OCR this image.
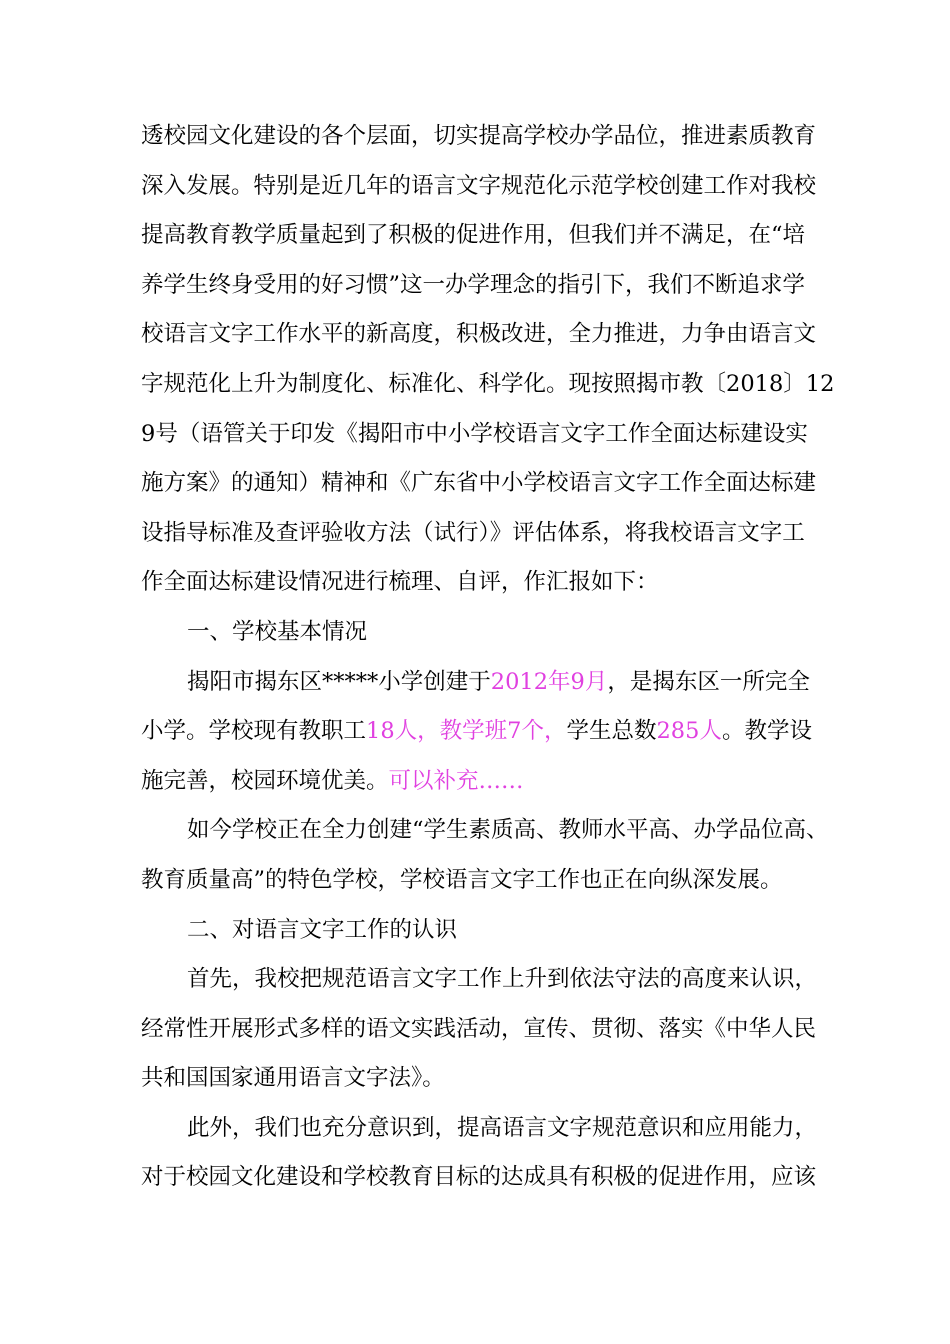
透校园文化建设的各个层面，切实提高学校办学品位，推进素质教育
深入发展。特别是近几年的语言文字规范化示范学校创建工作对我校
提高教育教学质量起到了积极的促进作用，但我们并不满足，在“培
养学生终身受用的好习惯”这一办学理念的指引下，我们不断追求学
校语言文字工作水平的新高度，积极改进，全力推进，力争由语言文
字规范化上升为制度化、标准化、科学化。现按照揭市教〔2018〕12
9号（语管关于印发《揭阳市中小学校语言文字工作全面达标建设实
施方案》的通知）精神和《广东省中小学校语言文字工作全面达标建
设指导标准及查评验收方法（试行）》评估体系，将我校语言文字工
作全面达标建设情况进行梳理、自评，作汇报如下：
一、学校基本情况
揭阳市揭东区*****小学创建于2012年9月，是揭东区一所完全
小学。学校现有教职工18人，教学班7个，学生总数285人。教学设
施完善，校园环境优美。可以补充……
如今学校正在全力创建“学生素质高、教师水平高、办学品位高、
教育质量高”的特色学校，学校语言文字工作也正在向纵深发展。
二、对语言文字工作的认识
首先，我校把规范语言文字工作上升到依法守法的高度来认识，
经常性开展形式多样的语文实践活动，宣传、贯彻、落实《中华人民
共和国国家通用语言文字法》。
此外，我们也充分意识到，提高语言文字规范意识和应用能力，
对于校园文化建设和学校教育目标的达成具有积极的促进作用，应该
